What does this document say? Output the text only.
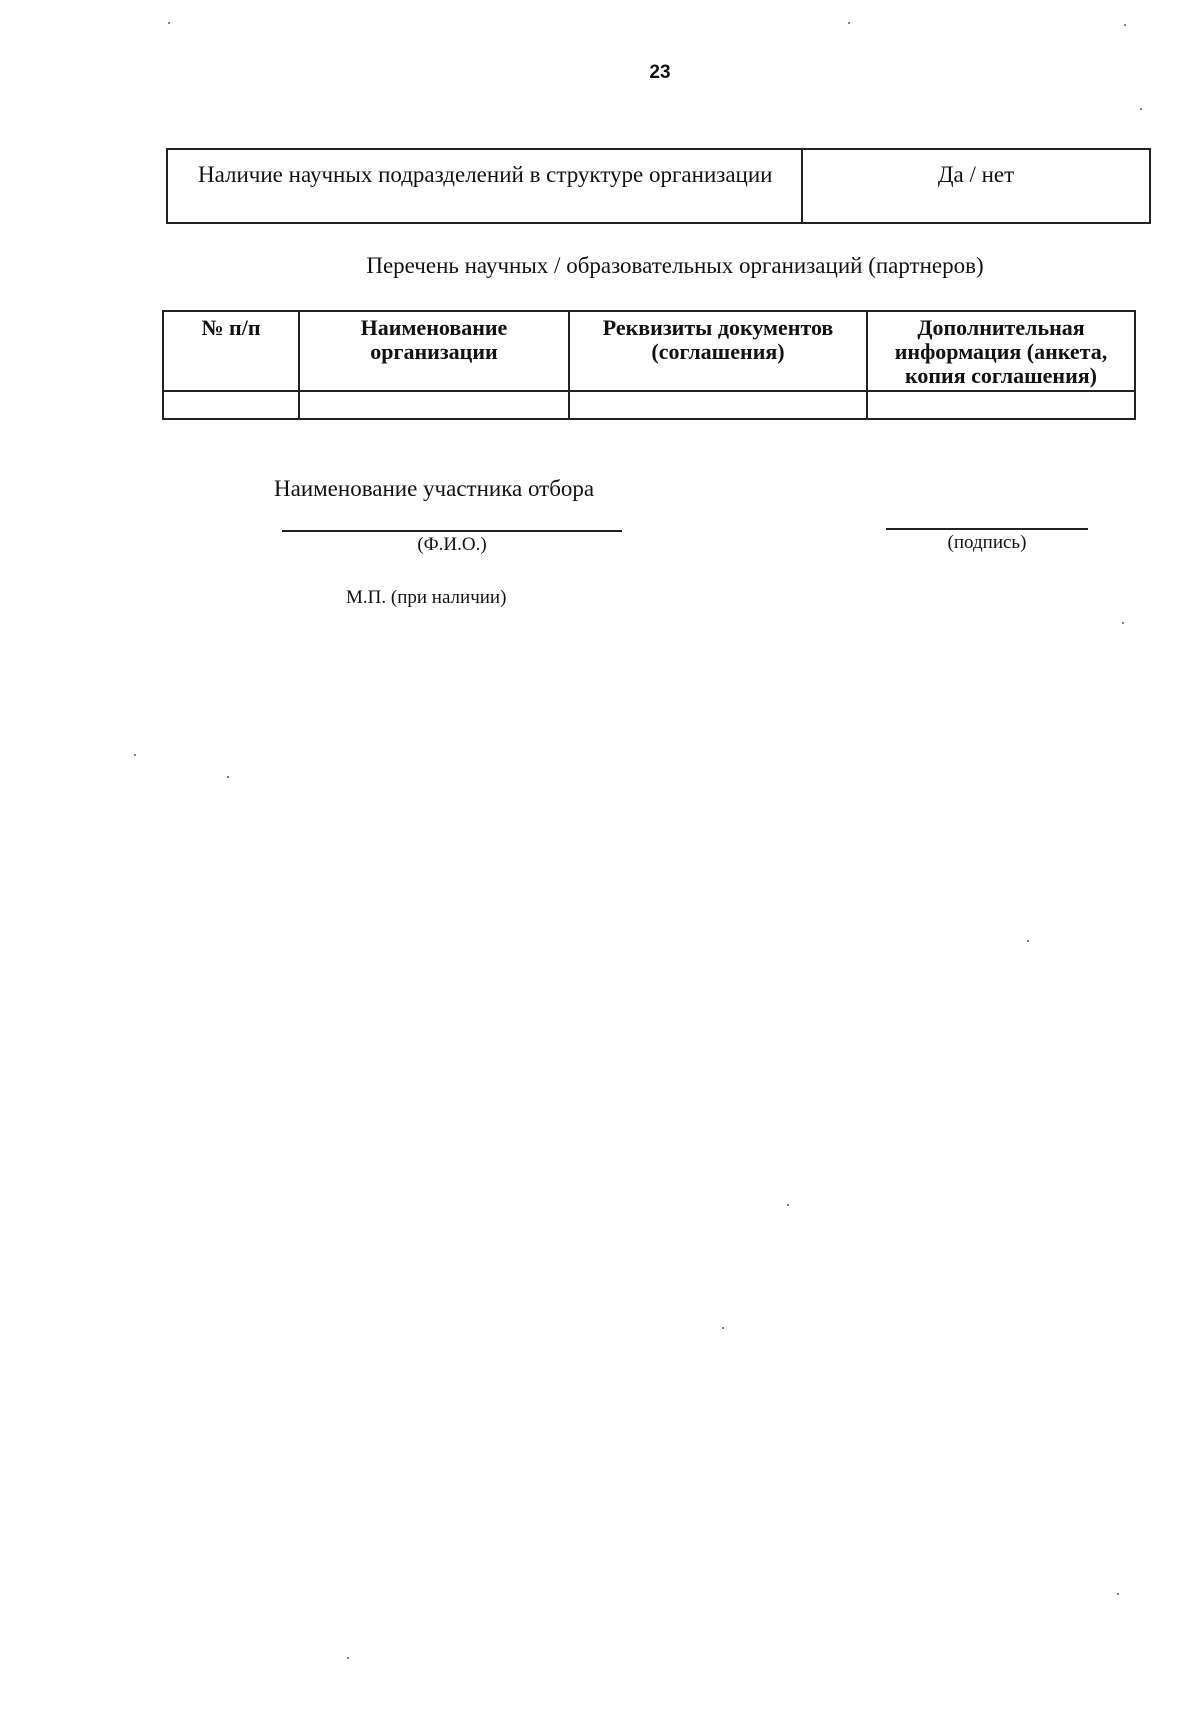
23
Наличие научных подразделений в структуре организации	Да / нет
Перечень научных / образовательных организаций (партнеров)
№ п/п	Наименование организации	Реквизиты документов (соглашения)	Дополнительная информация (анкета, копия соглашения)

Наименование участника отбора
(Ф.И.О.)	(подпись)
М.П. (при наличии)
